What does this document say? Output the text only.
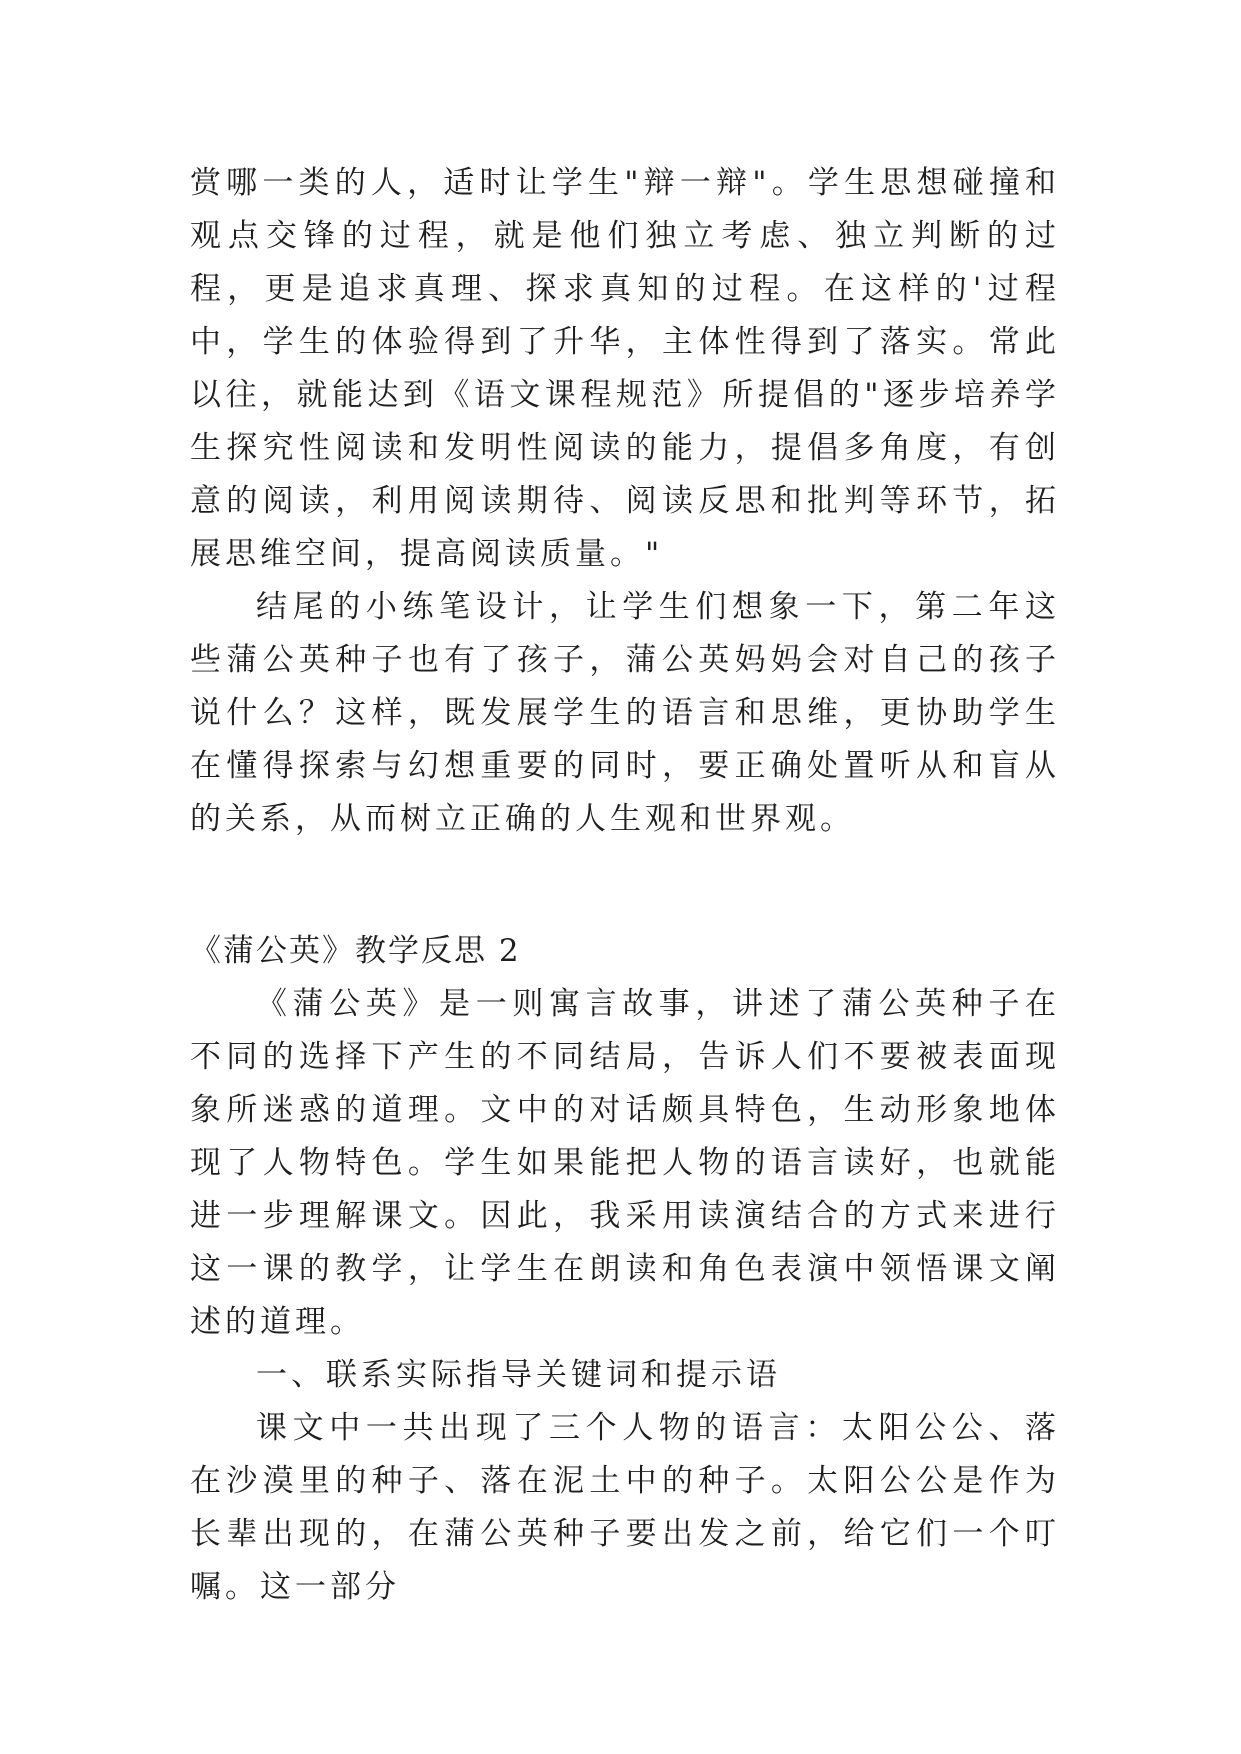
赏哪一类的人，适时让学生"辩一辩"。学生思想碰撞和观点交锋的过程，就是他们独立考虑、独立判断的过程，更是追求真理、探求真知的过程。在这样的'过程中，学生的体验得到了升华，主体性得到了落实。常此以往，就能达到《语文课程规范》所提倡的"逐步培养学生探究性阅读和发明性阅读的能力，提倡多角度，有创意的阅读，利用阅读期待、阅读反思和批判等环节，拓展思维空间，提高阅读质量。"

结尾的小练笔设计，让学生们想象一下，第二年这些蒲公英种子也有了孩子，蒲公英妈妈会对自己的孩子说什么？这样，既发展学生的语言和思维，更协助学生在懂得探索与幻想重要的同时，要正确处置听从和盲从的关系，从而树立正确的人生观和世界观。

《蒲公英》教学反思 2

《蒲公英》是一则寓言故事，讲述了蒲公英种子在不同的选择下产生的不同结局，告诉人们不要被表面现象所迷惑的道理。文中的对话颇具特色，生动形象地体现了人物特色。学生如果能把人物的语言读好，也就能进一步理解课文。因此，我采用读演结合的方式来进行这一课的教学，让学生在朗读和角色表演中领悟课文阐述的道理。

一、联系实际指导关键词和提示语

课文中一共出现了三个人物的语言：太阳公公、落在沙漠里的种子、落在泥土中的种子。太阳公公是作为长辈出现的，在蒲公英种子要出发之前，给它们一个叮嘱。这一部分
